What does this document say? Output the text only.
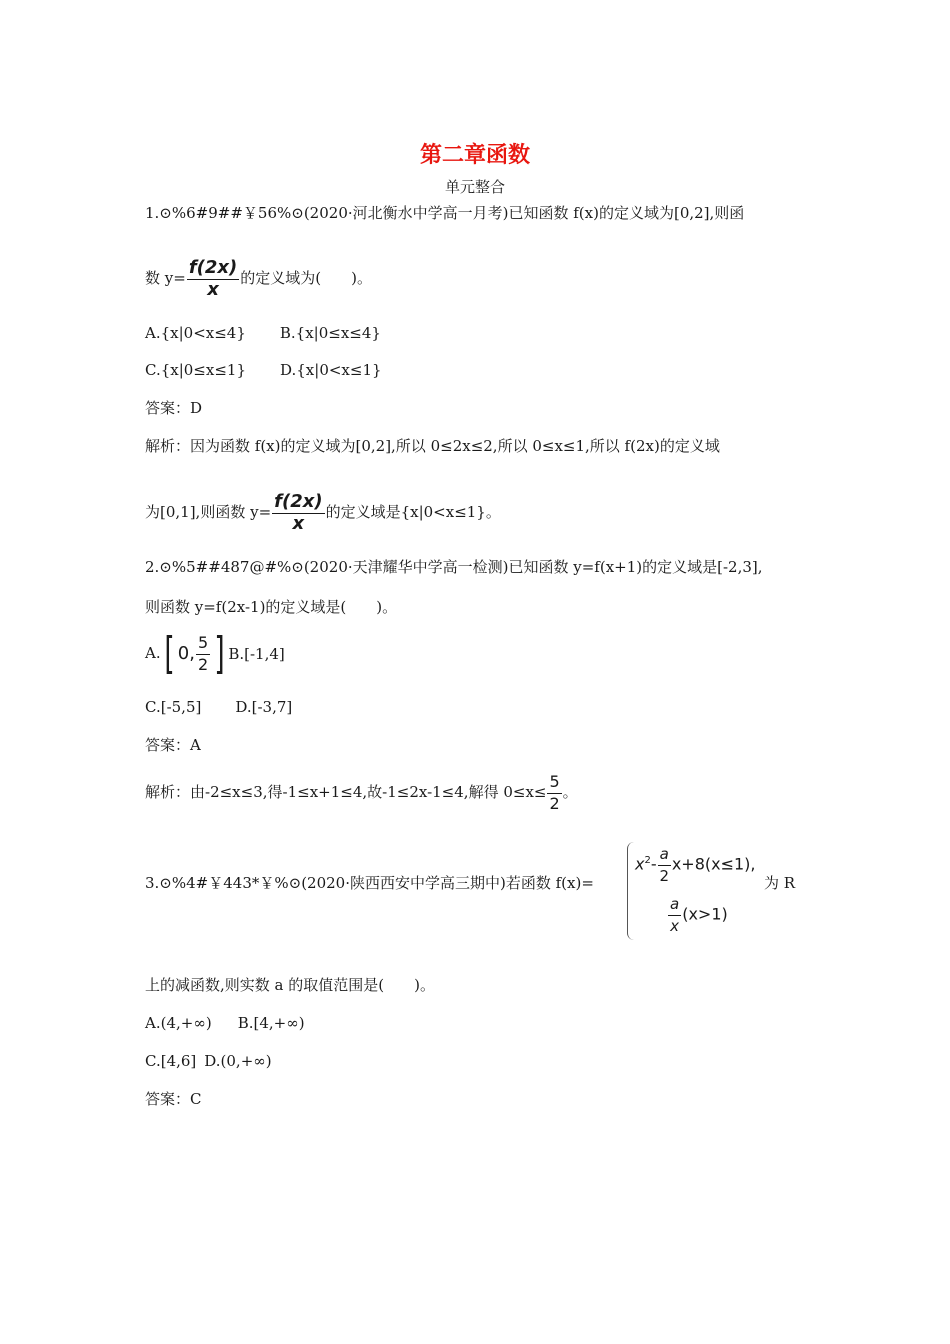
第二章函数
单元整合
1.⊙%6#9##￥56%⊙(2020·河北衡水中学高一月考)已知函数 f(x)的定义域为[0,2],则函
数 $y= \frac{f(2x)}{x}$ 的定义域为(　　)。
A.{x|0<x≤4} B.{x|0≤x≤4}
C.{x|0≤x≤1} D.{x|0<x≤1}
答案：D
解析：因为函数 f(x)的定义域为[0,2],所以 0≤2x≤2,所以 0≤x≤1,所以 f(2x)的定义域
为[0,1],则函数 $y= \frac{f(2x)}{x}$ 的定义域是{x|0<x≤1}。
2.⊙%5##487@#%⊙(2020·天津耀华中学高一检测)已知函数 y=f(x+1)的定义域是[-2,3],
则函数 y=f(2x-1)的定义域是(　　)。
A.[ 0, $\frac{5}{2}$ ] B.[-1,4]
C.[-5,5] D.[-3,7]
答案：A
解析：由-2≤x≤3,得-1≤x+1≤4,故-1≤2x-1≤4,解得 $0\le x\le \frac{5}{2}$ 。
3.⊙%4#￥443*￥%⊙(2020·陕西西安中学高三期中)若函数 f(x)=
$x^2- \frac{a}{2} x+8(x\le 1)$,
$\frac{a}{x} (x>1)$
为 R
上的减函数,则实数 a 的取值范围是(　　)。
A.(4,+∞) B.[4,+∞)
C.[4,6] D.(0,+∞)
答案：C
